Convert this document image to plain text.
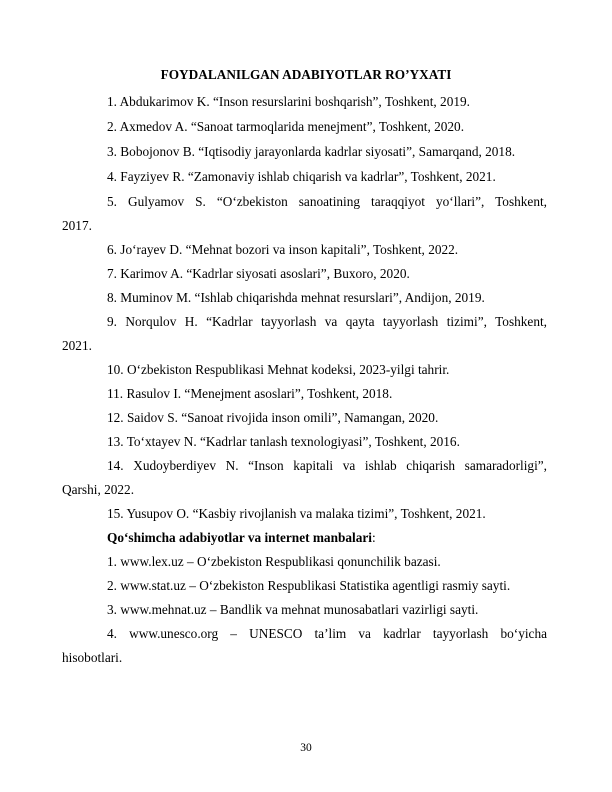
FOYDALANILGAN ADABIYOTLAR RO’YXATI
1. Abdukarimov K. “Inson resurslarini boshqarish”, Toshkent, 2019.
2. Axmedov A. “Sanoat tarmoqlarida menejment”, Toshkent, 2020.
3. Bobojonov B. “Iqtisodiy jarayonlarda kadrlar siyosati”, Samarqand, 2018.
4. Fayziyev R. “Zamonaviy ishlab chiqarish va kadrlar”, Toshkent, 2021.
5. Gulyamov S. “O‘zbekiston sanoatining taraqqiyot yo‘llari”, Toshkent,
2017.
6. Jo‘rayev D. “Mehnat bozori va inson kapitali”, Toshkent, 2022.
7. Karimov A. “Kadrlar siyosati asoslari”, Buxoro, 2020.
8. Muminov M. “Ishlab chiqarishda mehnat resurslari”, Andijon, 2019.
9. Norqulov H. “Kadrlar tayyorlash va qayta tayyorlash tizimi”, Toshkent,
2021.
10. O‘zbekiston Respublikasi Mehnat kodeksi, 2023-yilgi tahrir.
11. Rasulov I. “Menejment asoslari”, Toshkent, 2018.
12. Saidov S. “Sanoat rivojida inson omili”, Namangan, 2020.
13. To‘xtayev N. “Kadrlar tanlash texnologiyasi”, Toshkent, 2016.
14. Xudoyberdiyev N. “Inson kapitali va ishlab chiqarish samaradorligi”,
Qarshi, 2022.
15. Yusupov O. “Kasbiy rivojlanish va malaka tizimi”, Toshkent, 2021.
Qo‘shimcha adabiyotlar va internet manbalari:
1. www.lex.uz – O‘zbekiston Respublikasi qonunchilik bazasi.
2. www.stat.uz – O‘zbekiston Respublikasi Statistika agentligi rasmiy sayti.
3. www.mehnat.uz – Bandlik va mehnat munosabatlari vazirligi sayti.
4. www.unesco.org – UNESCO ta’lim va kadrlar tayyorlash bo‘yicha
hisobotlari.
30
